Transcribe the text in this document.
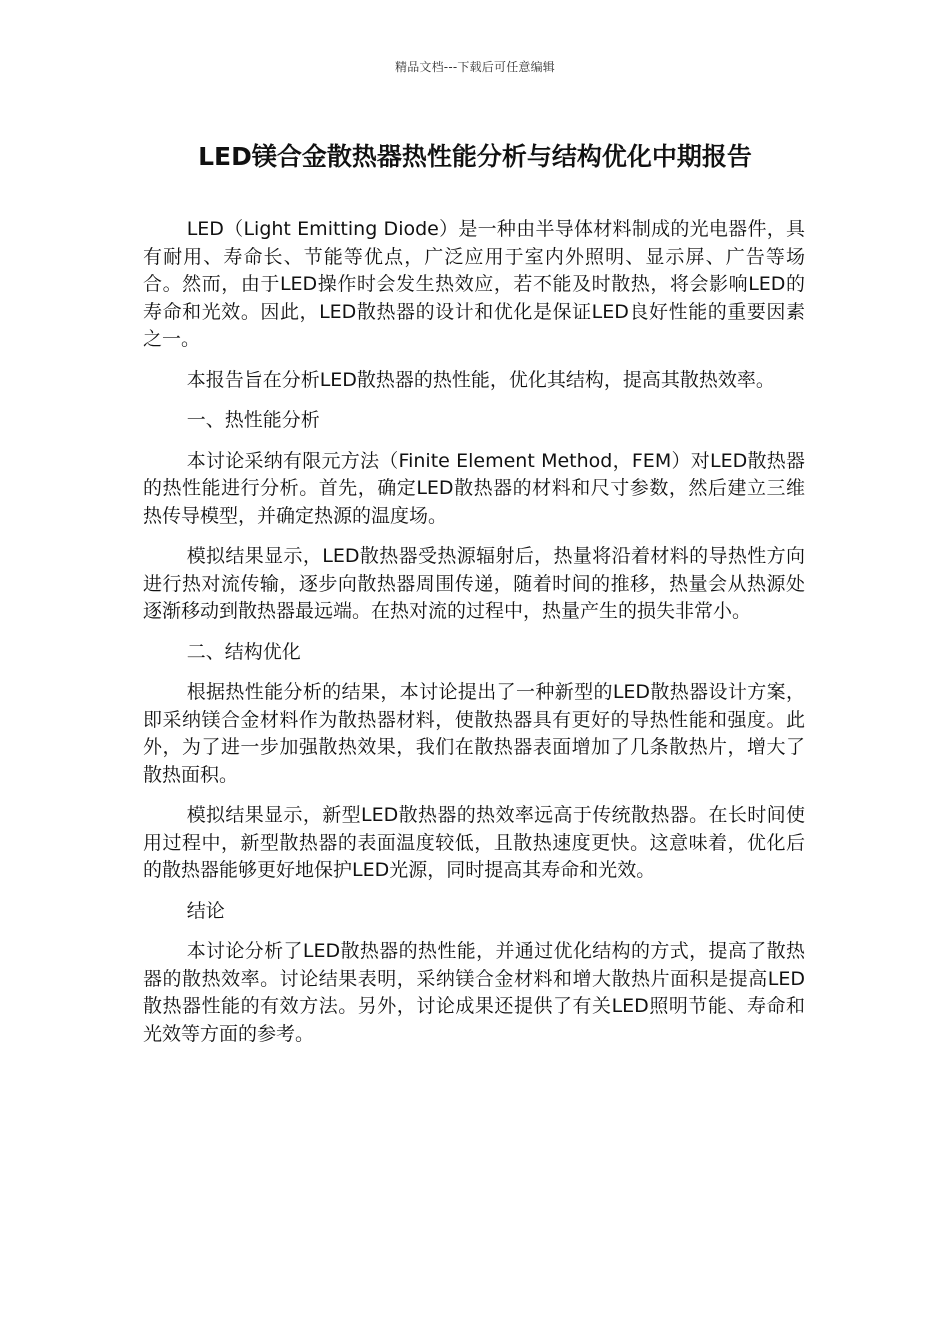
精品文档---下载后可任意编辑
LED镁合金散热器热性能分析与结构优化中期报告

LED（Light Emitting Diode）是一种由半导体材料制成的光电器件，具有耐用、寿命长、节能等优点，广泛应用于室内外照明、显示屏、广告等场合。然而，由于LED操作时会发生热效应，若不能及时散热，将会影响LED的寿命和光效。因此，LED散热器的设计和优化是保证LED良好性能的重要因素之一。

本报告旨在分析LED散热器的热性能，优化其结构，提高其散热效率。

一、热性能分析

本讨论采纳有限元方法（Finite Element Method，FEM）对LED散热器的热性能进行分析。首先，确定LED散热器的材料和尺寸参数，然后建立三维热传导模型，并确定热源的温度场。

模拟结果显示，LED散热器受热源辐射后，热量将沿着材料的导热性方向进行热对流传输，逐步向散热器周围传递，随着时间的推移，热量会从热源处逐渐移动到散热器最远端。在热对流的过程中，热量产生的损失非常小。

二、结构优化

根据热性能分析的结果，本讨论提出了一种新型的LED散热器设计方案，即采纳镁合金材料作为散热器材料，使散热器具有更好的导热性能和强度。此外，为了进一步加强散热效果，我们在散热器表面增加了几条散热片，增大了散热面积。

模拟结果显示，新型LED散热器的热效率远高于传统散热器。在长时间使用过程中，新型散热器的表面温度较低，且散热速度更快。这意味着，优化后的散热器能够更好地保护LED光源，同时提高其寿命和光效。

结论

本讨论分析了LED散热器的热性能，并通过优化结构的方式，提高了散热器的散热效率。讨论结果表明，采纳镁合金材料和增大散热片面积是提高LED散热器性能的有效方法。另外，讨论成果还提供了有关LED照明节能、寿命和光效等方面的参考。
